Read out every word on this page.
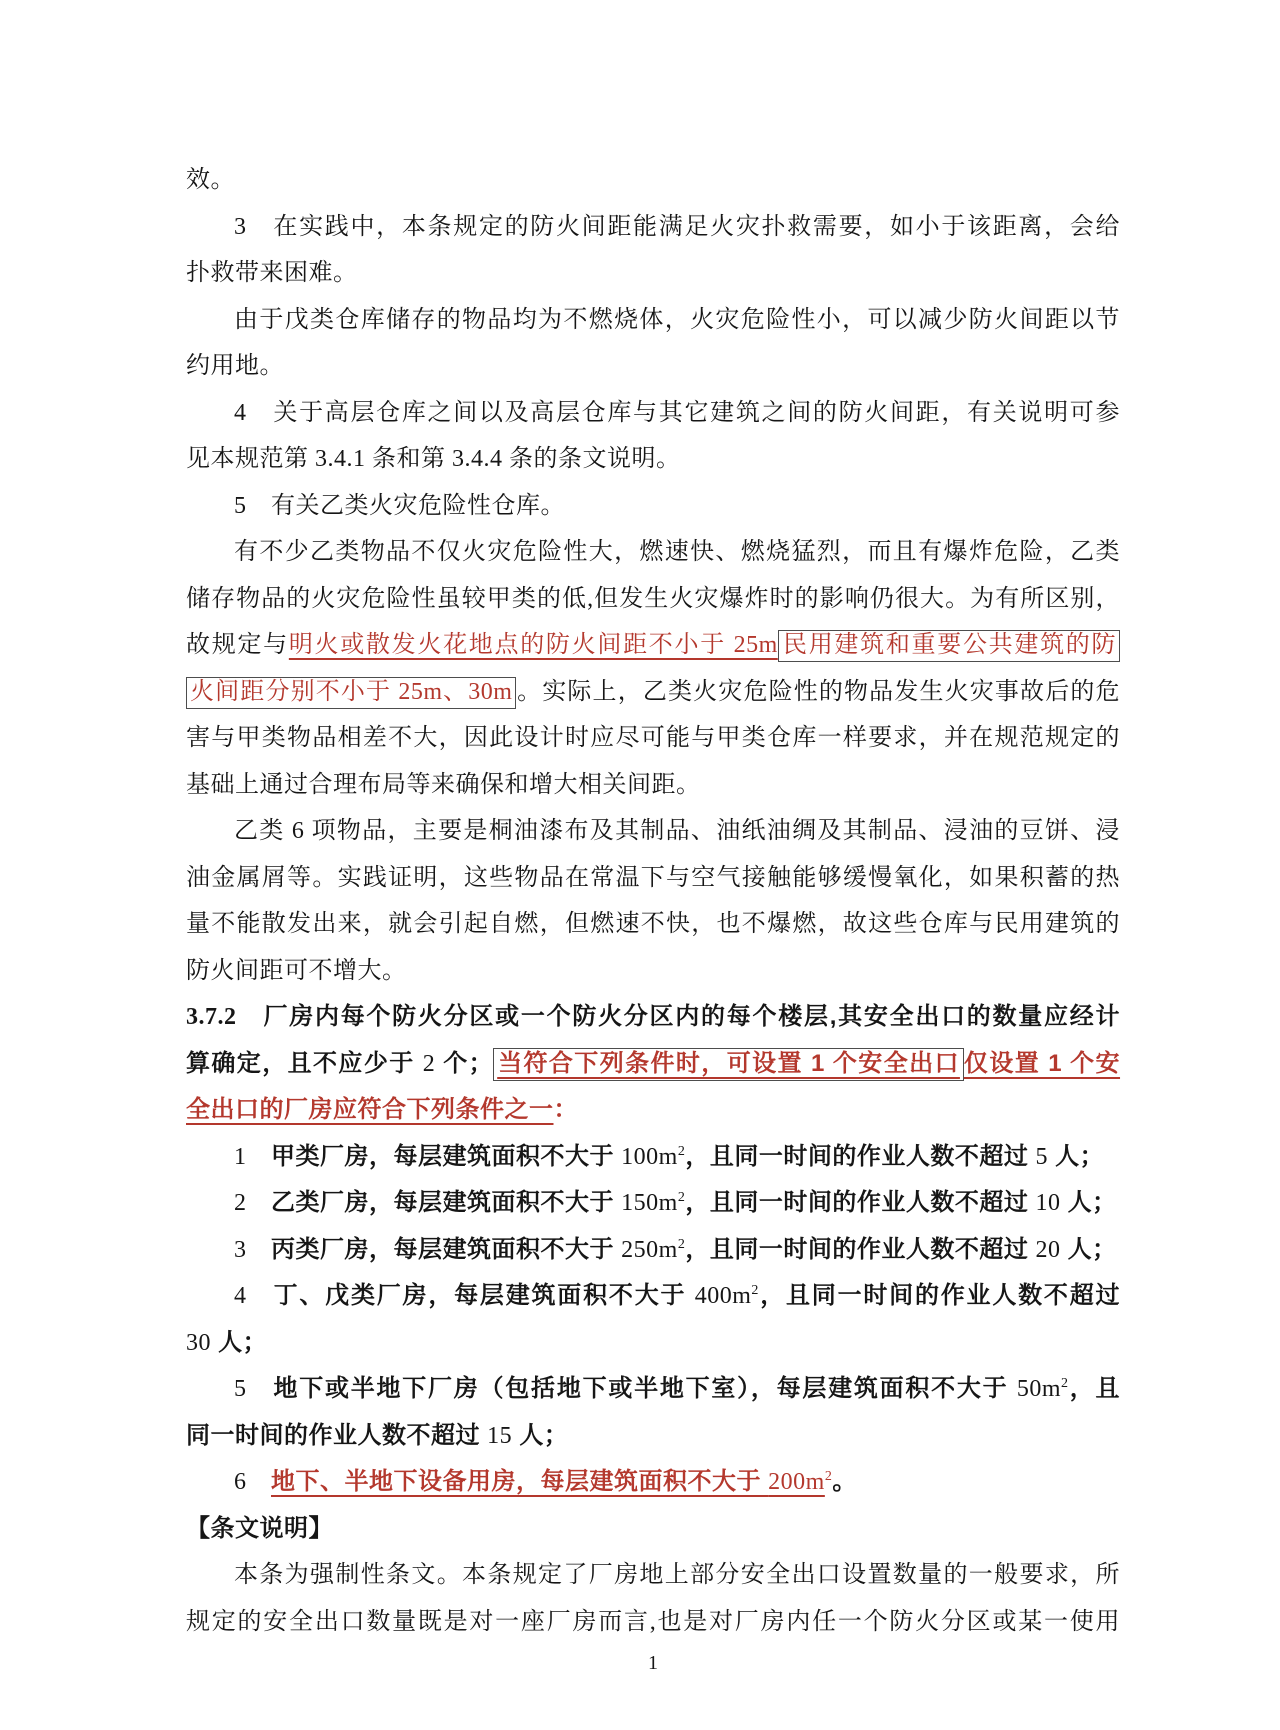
效。
3　在实践中，本条规定的防火间距能满足火灾扑救需要，如小于该距离，会给
扑救带来困难。
由于戊类仓库储存的物品均为不燃烧体，火灾危险性小，可以减少防火间距以节
约用地。
4　关于高层仓库之间以及高层仓库与其它建筑之间的防火间距，有关说明可参
见本规范第 3.4.1 条和第 3.4.4 条的条文说明。
5　有关乙类火灾危险性仓库。
有不少乙类物品不仅火灾危险性大，燃速快、燃烧猛烈，而且有爆炸危险，乙类
储存物品的火灾危险性虽较甲类的低,但发生火灾爆炸时的影响仍很大。为有所区别，
故规定与明火或散发火花地点的防火间距不小于 25m 民用建筑和重要公共建筑的防
火间距分别不小于 25m、30m 。实际上，乙类火灾危险性的物品发生火灾事故后的危
害与甲类物品相差不大，因此设计时应尽可能与甲类仓库一样要求，并在规范规定的
基础上通过合理布局等来确保和增大相关间距。
乙类 6 项物品，主要是桐油漆布及其制品、油纸油绸及其制品、浸油的豆饼、浸
油金属屑等。实践证明，这些物品在常温下与空气接触能够缓慢氧化，如果积蓄的热
量不能散发出来，就会引起自燃，但燃速不快，也不爆燃，故这些仓库与民用建筑的
防火间距可不增大。
3.7.2　厂房内每个防火分区或一个防火分区内的每个楼层,其安全出口的数量应经计
算确定，且不应少于 2 个； 当符合下列条件时，可设置 1 个安全出口 仅设置 1 个安
全出口的厂房应符合下列条件之一：
1　甲类厂房，每层建筑面积不大于 $100m^2$，且同一时间的作业人数不超过 5 人；
2　乙类厂房，每层建筑面积不大于 $150m^2$，且同一时间的作业人数不超过 10 人；
3　丙类厂房，每层建筑面积不大于 $250m^2$，且同一时间的作业人数不超过 20 人；
4　丁、戊类厂房，每层建筑面积不大于 $400m^2$，且同一时间的作业人数不超过
30 人；
5　地下或半地下厂房（包括地下或半地下室），每层建筑面积不大于 $50m^2$，且
同一时间的作业人数不超过 15 人；
6　地下、半地下设备用房，每层建筑面积不大于 $200m^2$。
【条文说明】
本条为强制性条文。本条规定了厂房地上部分安全出口设置数量的一般要求，所
规定的安全出口数量既是对一座厂房而言,也是对厂房内任一个防火分区或某一使用
1
